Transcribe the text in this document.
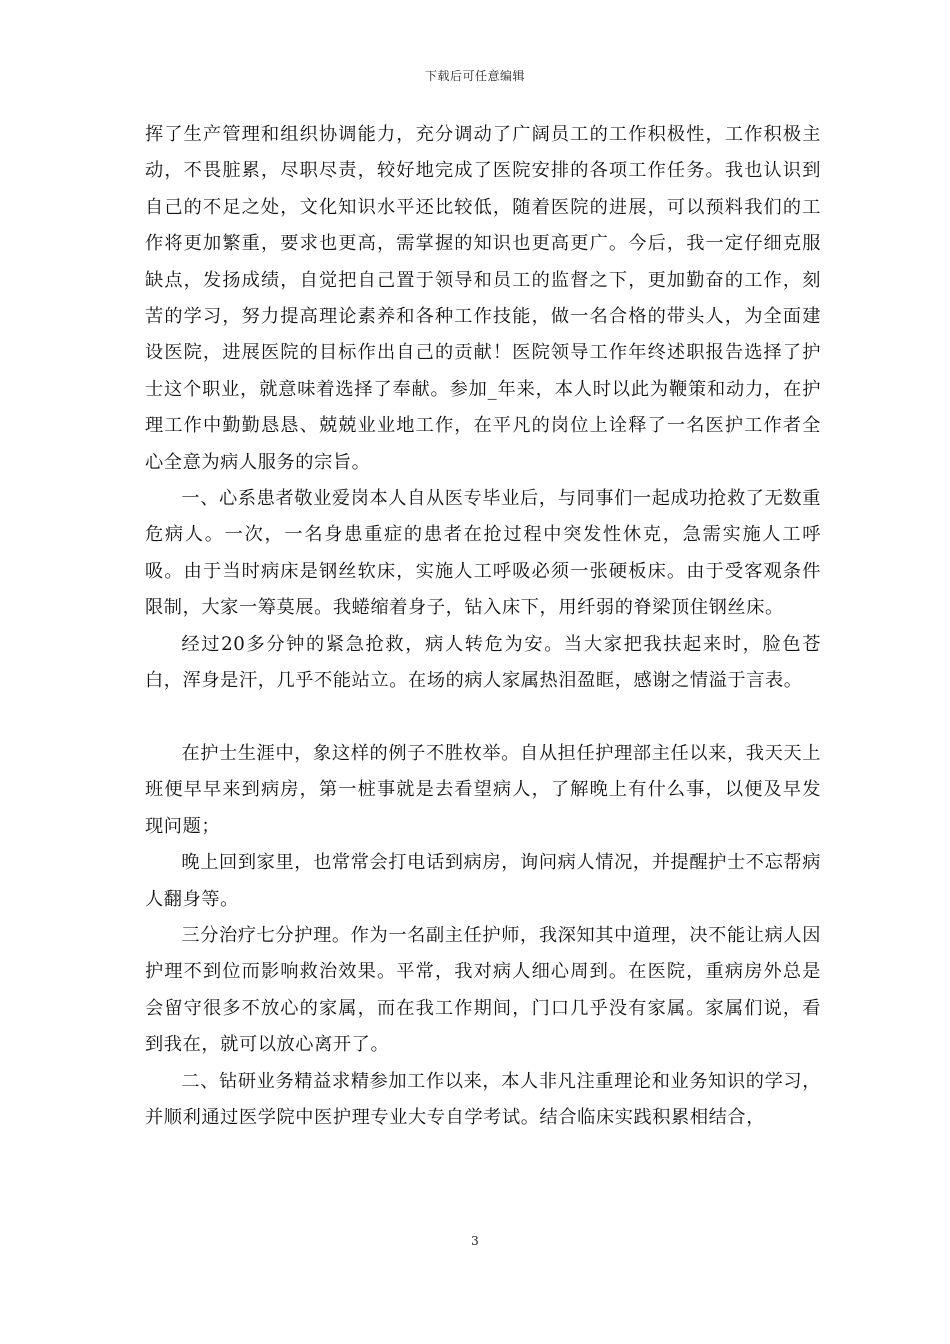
下载后可任意编辑

挥了生产管理和组织协调能力，充分调动了广阔员工的工作积极性，工作积极主动，不畏脏累，尽职尽责，较好地完成了医院安排的各项工作任务。我也认识到自己的不足之处，文化知识水平还比较低，随着医院的进展，可以预料我们的工作将更加繁重，要求也更高，需掌握的知识也更高更广。今后，我一定仔细克服缺点，发扬成绩，自觉把自己置于领导和员工的监督之下，更加勤奋的工作，刻苦的学习，努力提高理论素养和各种工作技能，做一名合格的带头人，为全面建设医院，进展医院的目标作出自己的贡献！医院领导工作年终述职报告选择了护士这个职业，就意味着选择了奉献。参加_年来，本人时以此为鞭策和动力，在护理工作中勤勤恳恳、兢兢业业地工作，在平凡的岗位上诠释了一名医护工作者全心全意为病人服务的宗旨。

一、心系患者敬业爱岗本人自从医专毕业后，与同事们一起成功抢救了无数重危病人。一次，一名身患重症的患者在抢过程中突发性休克，急需实施人工呼吸。由于当时病床是钢丝软床，实施人工呼吸必须一张硬板床。由于受客观条件限制，大家一筹莫展。我蜷缩着身子，钻入床下，用纤弱的脊梁顶住钢丝床。

经过20多分钟的紧急抢救，病人转危为安。当大家把我扶起来时，脸色苍白，浑身是汗，几乎不能站立。在场的病人家属热泪盈眶，感谢之情溢于言表。

在护士生涯中，象这样的例子不胜枚举。自从担任护理部主任以来，我天天上班便早早来到病房，第一桩事就是去看望病人，了解晚上有什么事，以便及早发现问题；

晚上回到家里，也常常会打电话到病房，询问病人情况，并提醒护士不忘帮病人翻身等。

三分治疗七分护理。作为一名副主任护师，我深知其中道理，决不能让病人因护理不到位而影响救治效果。平常，我对病人细心周到。在医院，重病房外总是会留守很多不放心的家属，而在我工作期间，门口几乎没有家属。家属们说，看到我在，就可以放心离开了。

二、钻研业务精益求精参加工作以来，本人非凡注重理论和业务知识的学习，并顺利通过医学院中医护理专业大专自学考试。结合临床实践积累相结合，

3
